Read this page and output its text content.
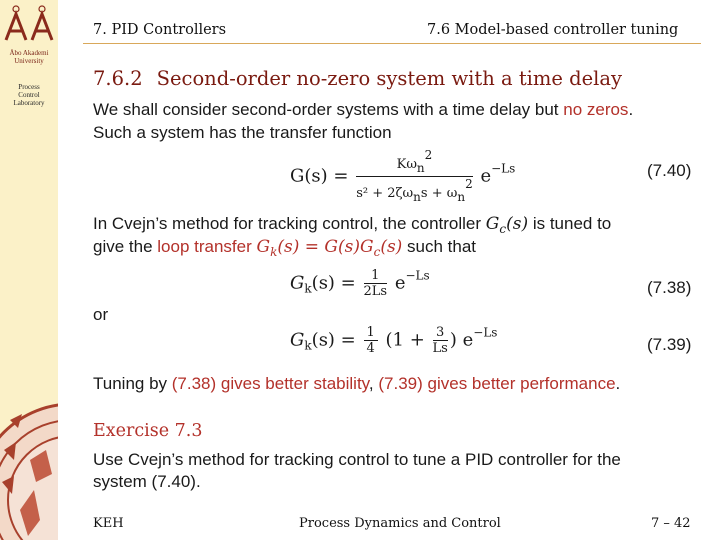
Åbo Akademi
University
Process
Control
Laboratory
7. PID Controllers	7.6 Model-based controller tuning
7.6.2 Second-order no-zero system with a time delay
We shall consider second-order systems with a time delay but no zeros.
Such a system has the transfer function
$G(s) = \frac{\text{Kωn2}}{\text{s² + 2ζωns + ωn2}} e^{-Ls}$	(7.40)
In Cvejn’s method for tracking control, the controller $G_c(s)$ is tuned to
give the loop transfer $G_k(s) = G(s)G_c(s)$ such that
$G_k(s) = \frac{1}{2Ls} e^{-Ls}$
(7.38)
or
$G_k(s) = \frac{1}{4} (1 + \frac{3}{Ls}$ ) $e^{-Ls}$
(7.39)
Tuning by (7.38) gives better stability, (7.39) gives better performance.
Exercise 7.3
Use Cvejn’s method for tracking control to tune a PID controller for the
system (7.40).
KEH	Process Dynamics and Control	7 – 42
